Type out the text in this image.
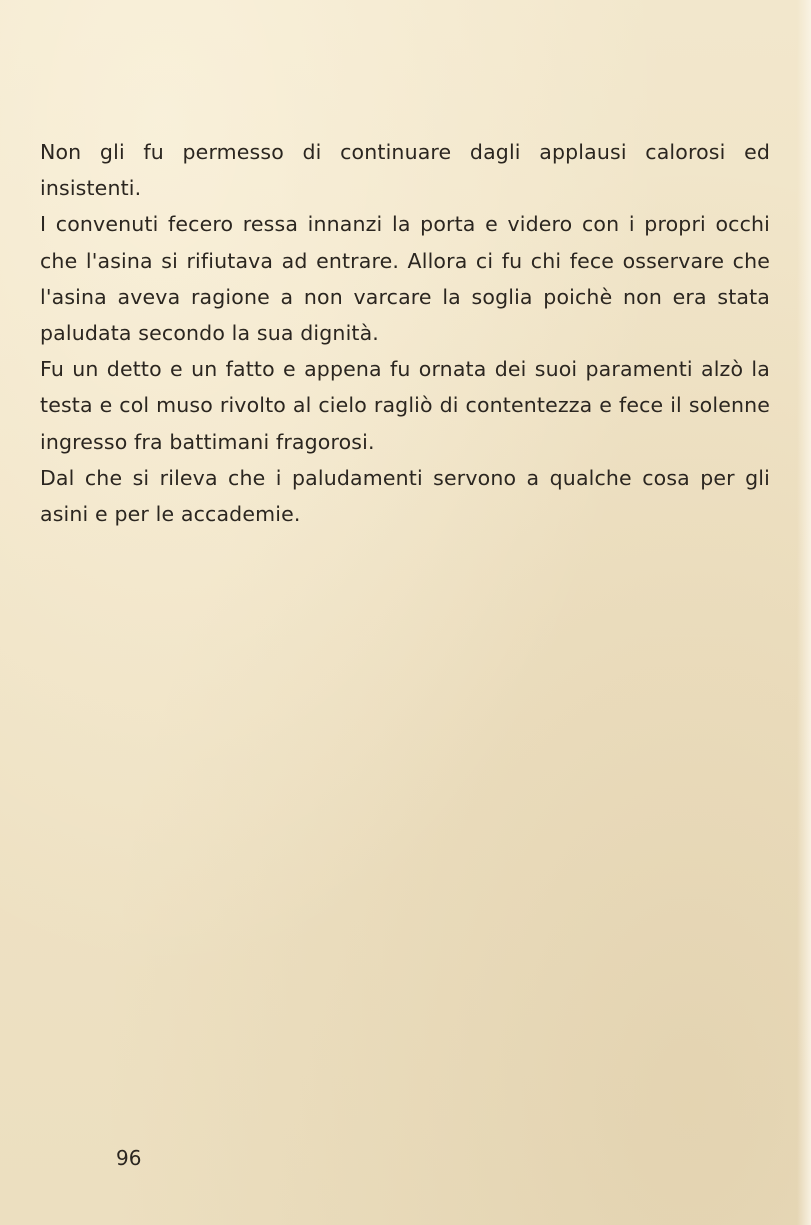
Non gli fu permesso di continuare dagli applausi calorosi ed insistenti.

I convenuti fecero ressa innanzi la porta e videro con i propri occhi che l'asina si rifiutava ad entrare. Allora ci fu chi fece osservare che l'asina aveva ragione a non varcare la soglia poichè non era stata paludata secondo la sua dignità.

Fu un detto e un fatto e appena fu ornata dei suoi paramenti alzò la testa e col muso rivolto al cielo ragliò di contentezza e fece il solenne ingresso fra battimani fragorosi.

Dal che si rileva che i paludamenti servono a qualche cosa per gli asini e per le accademie.

96
